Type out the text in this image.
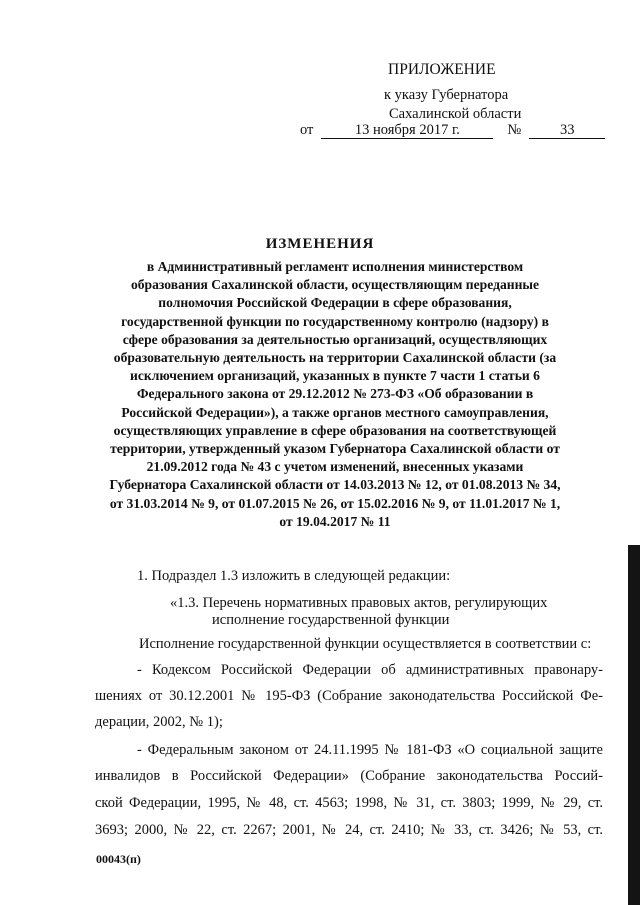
ПРИЛОЖЕНИЕ
к указу Губернатора
Сахалинской области
от	13 ноября 2017 г.	№	33
ИЗМЕНЕНИЯ
в Административный регламент исполнения министерством
образования Сахалинской области, осуществляющим переданные
полномочия Российской Федерации в сфере образования,
государственной функции по государственному контролю (надзору) в
сфере образования за деятельностью организаций, осуществляющих
образовательную деятельность на территории Сахалинской области (за
исключением организаций, указанных в пункте 7 части 1 статьи 6
Федерального закона от 29.12.2012 № 273-ФЗ «Об образовании в
Российской Федерации»), а также органов местного самоуправления,
осуществляющих управление в сфере образования на соответствующей
территории, утвержденный указом Губернатора Сахалинской области от
21.09.2012 года № 43 с учетом изменений, внесенных указами
Губернатора Сахалинской области от 14.03.2013 № 12, от 01.08.2013 № 34,
от 31.03.2014 № 9, от 01.07.2015 № 26, от 15.02.2016 № 9, от 11.01.2017 № 1,
от 19.04.2017 № 11
1. Подраздел 1.3 изложить в следующей редакции:
«1.3. Перечень нормативных правовых актов, регулирующих
исполнение государственной функции
Исполнение государственной функции осуществляется в соответствии с:
- Кодексом Российской Федерации об административных правонару-
шениях от 30.12.2001 № 195-ФЗ (Собрание законодательства Российской Фе-
дерации, 2002, № 1);
- Федеральным законом от 24.11.1995 № 181-ФЗ «О социальной защите
инвалидов в Российской Федерации» (Собрание законодательства Россий-
ской Федерации, 1995, № 48, ст. 4563; 1998, № 31, ст. 3803; 1999, № 29, ст.
3693; 2000, № 22, ст. 2267; 2001, № 24, ст. 2410; № 33, ст. 3426; № 53, ст.
00043(п)
